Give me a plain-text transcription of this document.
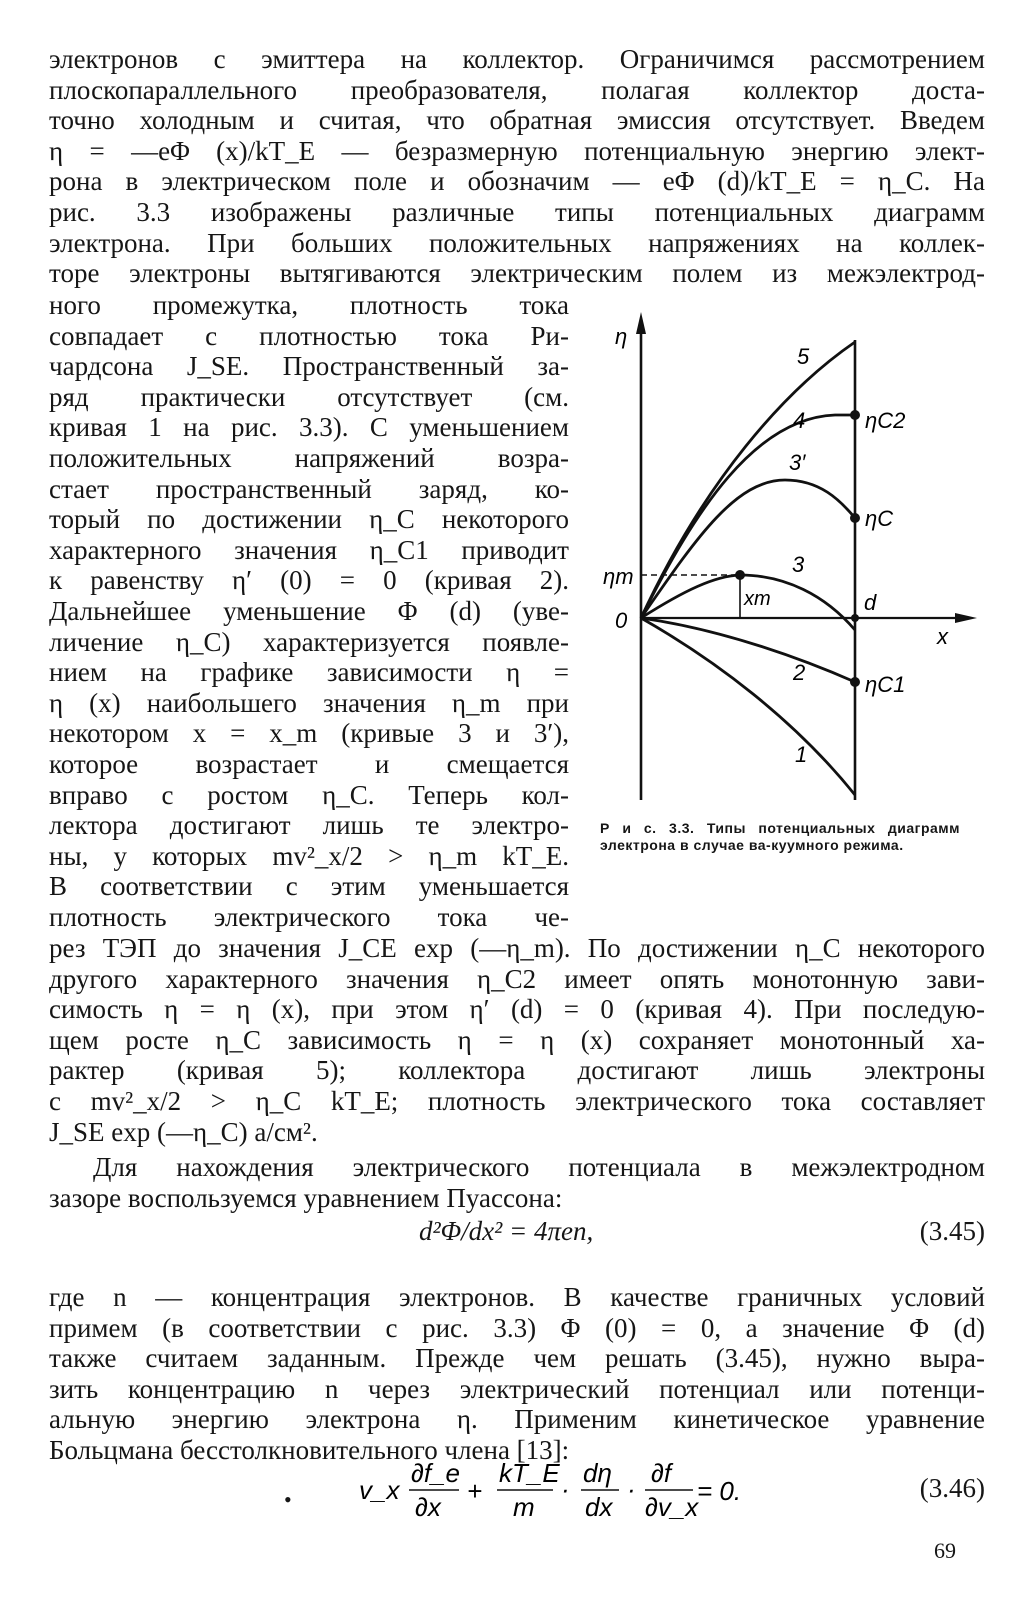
электронов с эмиттера на коллектор. Ограничимся рассмотрением
плоскопараллельного преобразователя, полагая коллектор доста-
точно холодным и считая, что обратная эмиссия отсутствует. Введем
η = —eΦ (x)/kT_E — безразмерную потенциальную энергию элект-
рона в электрическом поле и обозначим — eΦ (d)/kT_E = η_C. На
рис. 3.3 изображены различные типы потенциальных диаграмм
электрона. При больших положительных напряжениях на коллек-
торе электроны вытягиваются электрическим полем из межэлектрод-
ного промежутка, плотность тока
совпадает с плотностью тока Ри-
чардсона J_SE. Пространственный за-
ряд практически отсутствует (см.
кривая 1 на рис. 3.3). С уменьшением
положительных напряжений возра-
стает пространственный заряд, ко-
торый по достижении η_C некоторого
характерного значения η_C1 приводит
к равенству η′ (0) = 0 (кривая 2).
Дальнейшее уменьшение Φ (d) (уве-
личение η_C) характеризуется появле-
нием на графике зависимости η =
η (x) наибольшего значения η_m при
некотором x = x_m (кривые 3 и 3′),
которое возрастает и смещается
вправо с ростом η_C. Теперь кол-
лектора достигают лишь те электро-
ны, у которых mv²_x/2 > η_m kT_E.
В соответствии с этим уменьшается
плотность электрического тока че-
η
x
0
ηm
xm	d
ηC
ηC1
ηC2
1
2
3
3′
4
5
Р и с. 3.3. Типы потенциальных диаграмм электрона в случае ва-куумного режима.
рез ТЭП до значения J_CE exp (—η_m). По достижении η_C некоторого
другого характерного значения η_C2 имеет опять монотонную зави-
симость η = η (x), при этом η′ (d) = 0 (кривая 4). При последую-
щем росте η_C зависимость η = η (x) сохраняет монотонный ха-
рактер (кривая 5); коллектора достигают лишь электроны
с mv²_x/2 > η_C kT_E; плотность электрического тока составляет
J_SE exp (—η_C) а/см².
Для нахождения электрического потенциала в межэлектродном
зазоре воспользуемся уравнением Пуассона:
d²Φ/dx² = 4πen,	(3.45)
где n — концентрация электронов. В качестве граничных условий
примем (в соответствии с рис. 3.3) Φ (0) = 0, а значение Φ (d)
также считаем заданным. Прежде чем решать (3.45), нужно выра-
зить концентрацию n через электрический потенциал или потенци-
альную энергию электрона η. Применим кинетическое уравнение
Больцмана бесстолкновительного члена [13]:
•	v_x
∂f_e
∂x
+
kT_E
m
·
dη
dx
·
∂f
∂v_x
= 0.	(3.46)
69
